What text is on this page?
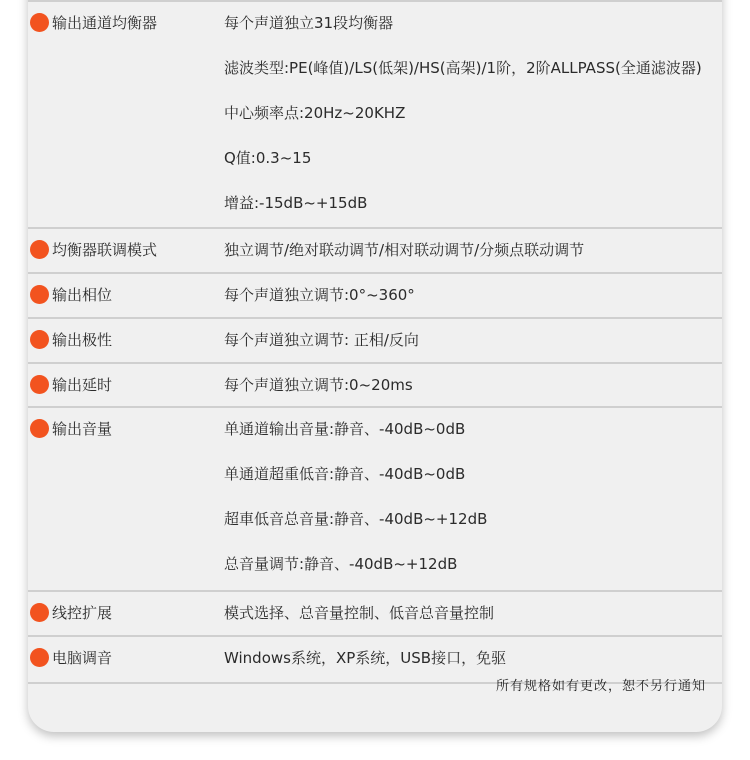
输出通道均衡器	每个声道独立31段均衡器
滤波类型:PE(峰值)/LS(低架)/HS(高架)/1阶，2阶ALLPASS(全通滤波器)
中心频率点:20Hz~20KHZ
Q值:0.3~15
增益:-15dB~+15dB
均衡器联调模式	独立调节/绝对联动调节/相对联动调节/分频点联动调节
输出相位	每个声道独立调节:0°~360°
输出极性	每个声道独立调节: 正相/反向
输出延时	每个声道独立调节:0~20ms
输出音量	单通道输出音量:静音、-40dB~0dB
单通道超重低音:静音、-40dB~0dB
超車低音总音量:静音、-40dB~+12dB
总音量调节:静音、-40dB~+12dB
线控扩展	模式选择、总音量控制、低音总音量控制
电脑调音	Windows系统，XP系统，USB接口，免驱
所有规格如有更改，恕不另行通知
